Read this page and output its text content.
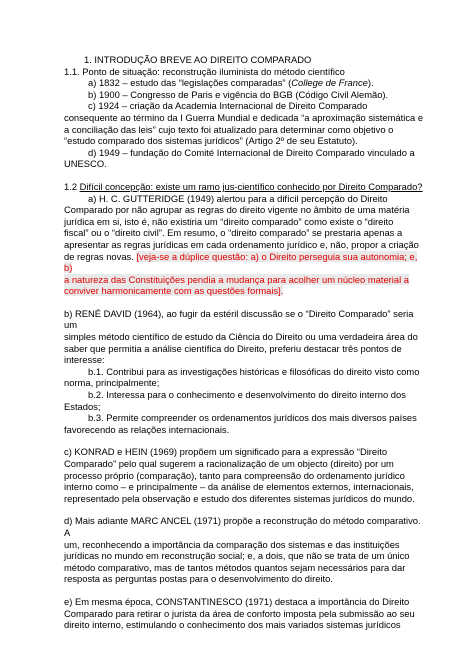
1. INTRODUÇÃO BREVE AO DIREITO COMPARADO

1.1. Ponto de situação: reconstrução iluminista do método científico

a) 1832 – estudo das “legislações comparadas” (College de France).

b) 1900 – Congresso de Paris e vigência do BGB (Código Civil Alemão).

c) 1924 – criação da Academia Internacional de Direito Comparado

consequente ao término da I Guerra Mundial e dedicada “a aproximação sistemática e

a conciliação das leis” cujo texto foi atualizado para determinar como objetivo o

“estudo comparado dos sistemas jurídicos” (Artigo 2º de seu Estatuto).

d) 1949 – fundação do Comité Internacional de Direito Comparado vinculado a

UNESCO.

1.2 Difícil concepção: existe um ramo jus-científico conhecido por Direito Comparado?

a) H. C. GUTTERIDGE (1949) alertou para a difícil percepção do Direito

Comparado por não agrupar as regras do direito vigente no âmbito de uma matéria

jurídica em si, isto é, não existiria um “direito comparado” como existe o “direito

fiscal” ou o “direito civil”. Em resumo, o “direito comparado” se prestaria apenas a

apresentar as regras jurídicas em cada ordenamento jurídico e, não, propor a criação

de regras novas. [veja-se a dúplice questão: a) o Direito perseguia sua autonomia; e, b)

a natureza das Constituições pendia a mudança para acolher um núcleo material a

conviver harmonicamente com as questões formais].

b) RENÉ DAVID (1964), ao fugir da estéril discussão se o “Direito Comparado” seria um

simples método científico de estudo da Ciência do Direito ou uma verdadeira área do

saber que permitia a análise científica do Direito, preferiu destacar três pontos de

interesse:

b.1. Contribui para as investigações históricas e filosóficas do direito visto como

norma, principalmente;

b.2. Interessa para o conhecimento e desenvolvimento do direito interno dos

Estados;

b.3. Permite compreender os ordenamentos jurídicos dos mais diversos países

favorecendo as relações internacionais.

c) KONRAD e HEIN (1969) propõem um significado para a expressão “Direito

Comparado” pelo qual sugerem a racionalização de um objecto (direito) por um

processo próprio (comparação), tanto para compreensão do ordenamento jurídico

interno como – e principalmente – da análise de elementos externos, internacionais,

representado pela observação e estudo dos diferentes sistemas jurídicos do mundo.

d) Mais adiante MARC ANCEL (1971) propõe a reconstrução do método comparativo. A

um, reconhecendo a importância da comparação dos sistemas e das instituições

jurídicas no mundo em reconstrução social; e, a dois, que não se trata de um único

método comparativo, mas de tantos métodos quantos sejam necessários para dar

resposta as perguntas postas para o desenvolvimento do direito.

e) Em mesma época, CONSTANTINESCO (1971) destaca a importância do Direito

Comparado para retirar o jurista da área de conforto imposta pela submissão ao seu

direito interno, estimulando o conhecimento dos mais variados sistemas jurídicos
